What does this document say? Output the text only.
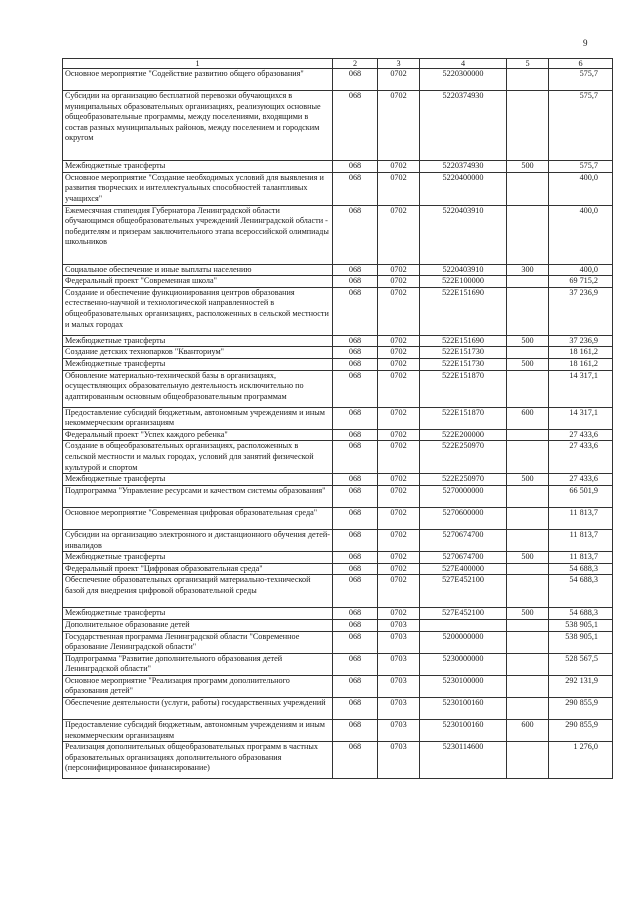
9
1	2	3	4	5	6
Основное мероприятие "Содействие развитию общего образования"	068	0702	5220300000		575,7
Субсидии на организацию бесплатной перевозки обучающихся в муниципальных образовательных организациях, реализующих основные общеобразовательные программы, между поселениями, входящими в состав разных муниципальных районов, между поселением и городским округом	068	0702	5220374930		575,7
Межбюджетные трансферты	068	0702	5220374930	500	575,7
Основное мероприятие "Создание необходимых условий для выявления и развития творческих и интеллектуальных способностей талантливых учащихся"	068	0702	5220400000		400,0
Ежемесячная стипендия Губернатора Ленинградской области обучающимся общеобразовательных учреждений Ленинградской области - победителям и призерам заключительного этапа всероссийской олимпиады школьников	068	0702	5220403910		400,0
Социальное обеспечение и иные выплаты населению	068	0702	5220403910	300	400,0
Федеральный проект "Современная школа"	068	0702	522E100000		69 715,2
Создание и обеспечение функционирования центров образования естественно-научной и технологической направленностей в общеобразовательных организациях, расположенных в сельской местности и малых городах	068	0702	522E151690		37 236,9
Межбюджетные трансферты	068	0702	522E151690	500	37 236,9
Создание детских технопарков "Кванториум"	068	0702	522E151730		18 161,2
Межбюджетные трансферты	068	0702	522E151730	500	18 161,2
Обновление материально-технической базы в организациях, осуществляющих образовательную деятельность исключительно по адаптированным основным общеобразовательным программам	068	0702	522E151870		14 317,1
Предоставление субсидий бюджетным, автономным учреждениям и иным некоммерческим организациям	068	0702	522E151870	600	14 317,1
Федеральный проект "Успех каждого ребенка"	068	0702	522E200000		27 433,6
Создание в общеобразовательных организациях, расположенных в сельской местности и малых городах, условий для занятий физической культурой и спортом	068	0702	522E250970		27 433,6
Межбюджетные трансферты	068	0702	522E250970	500	27 433,6
Подпрограмма "Управление ресурсами и качеством системы образования"	068	0702	5270000000		66 501,9
Основное мероприятие "Современная цифровая образовательная среда"	068	0702	5270600000		11 813,7
Субсидии на организацию электронного и дистанционного обучения детей-инвалидов	068	0702	5270674700		11 813,7
Межбюджетные трансферты	068	0702	5270674700	500	11 813,7
Федеральный проект "Цифровая образовательная среда"	068	0702	527E400000		54 688,3
Обеспечение образовательных организаций материально-технической базой для внедрения цифровой образовательной среды	068	0702	527E452100		54 688,3
Межбюджетные трансферты	068	0702	527E452100	500	54 688,3
Дополнительное образование детей	068	0703			538 905,1
Государственная программа Ленинградской области "Современное образование Ленинградской области"	068	0703	5200000000		538 905,1
Подпрограмма "Развитие дополнительного образования детей Ленинградской области"	068	0703	5230000000		528 567,5
Основное мероприятие "Реализация программ дополнительного образования детей"	068	0703	5230100000		292 131,9
Обеспечение деятельности (услуги, работы) государственных учреждений	068	0703	5230100160		290 855,9
Предоставление субсидий бюджетным, автономным учреждениям и иным некоммерческим организациям	068	0703	5230100160	600	290 855,9
Реализация дополнительных общеобразовательных программ в частных образовательных организациях дополнительного образования (персонифицированное финансирование)	068	0703	5230114600		1 276,0
